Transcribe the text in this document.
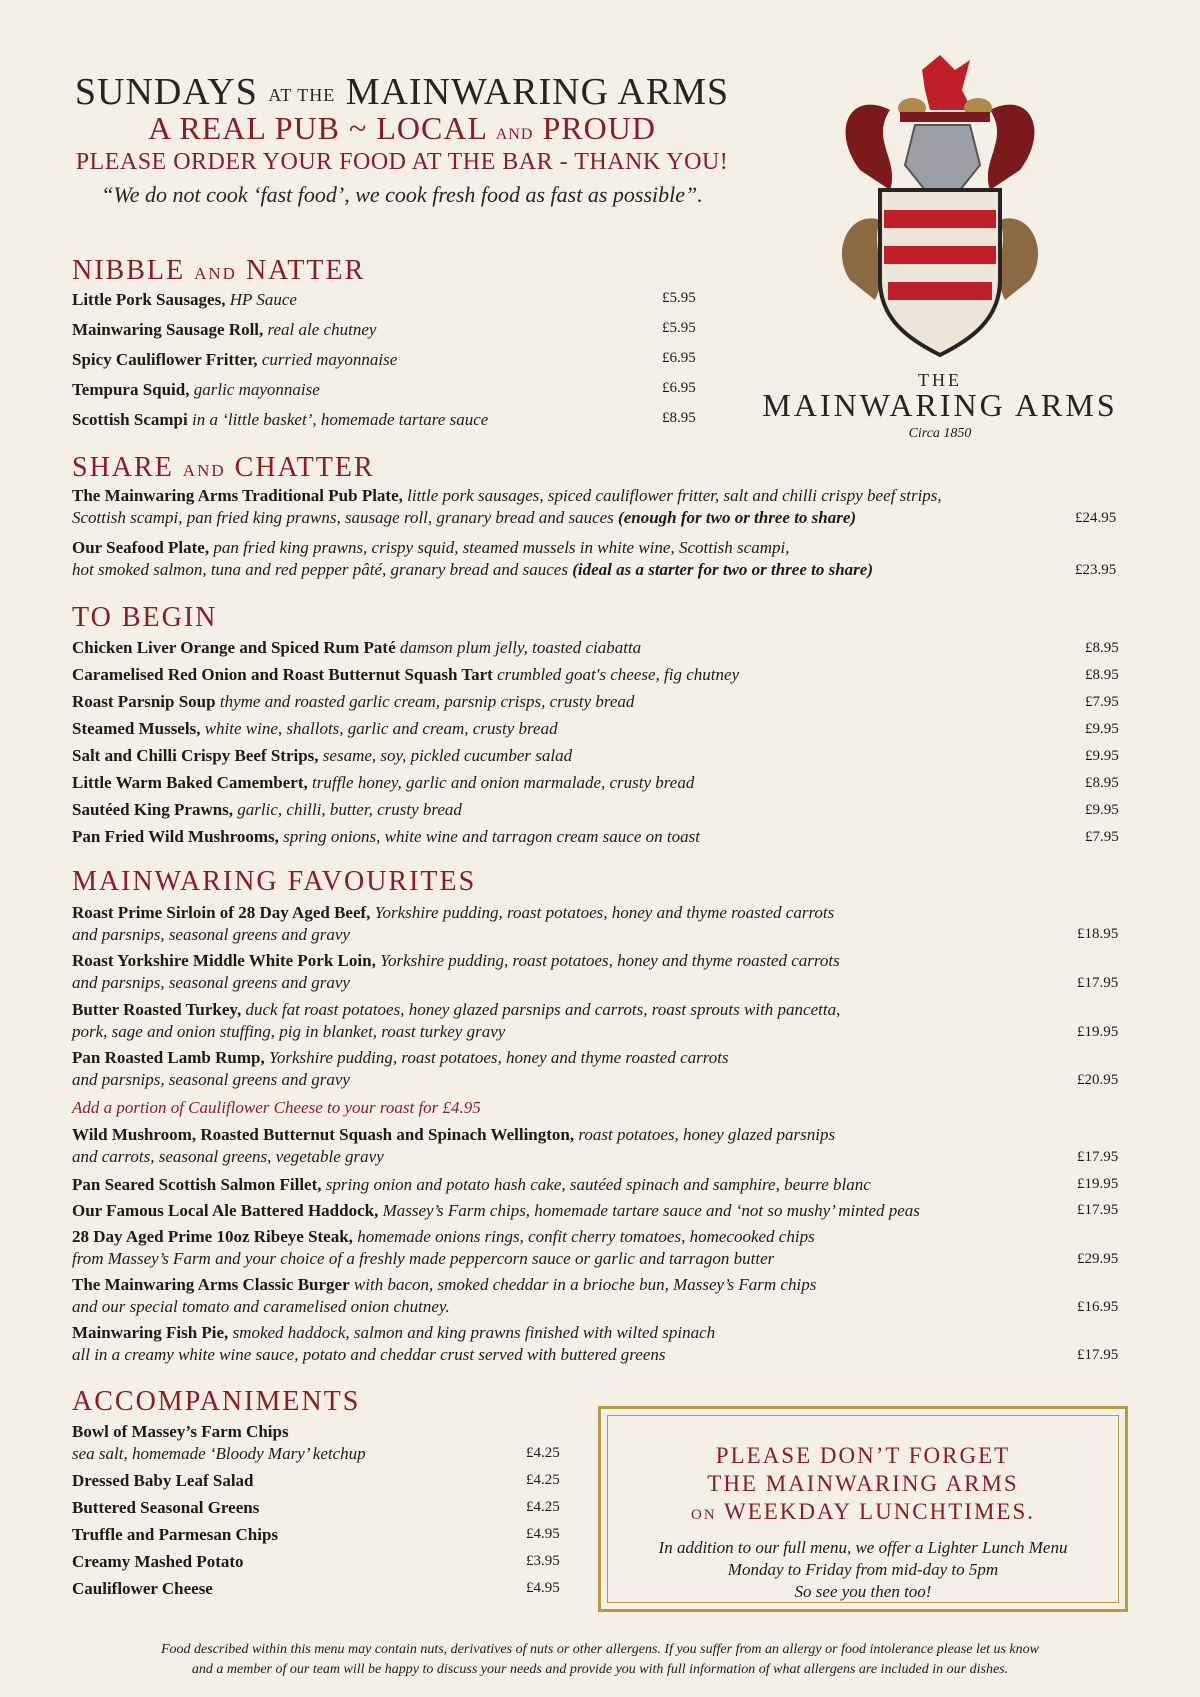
SUNDAYS AT THE MAINWARING ARMS
A REAL PUB ~ LOCAL AND PROUD
PLEASE ORDER YOUR FOOD AT THE BAR - THANK YOU!
“We do not cook ‘fast food’, we cook fresh food as fast as possible”.
THE
MAINWARING ARMS
Circa 1850
NIBBLE AND NATTER
Little Pork Sausages, HP Sauce	£5.95
Mainwaring Sausage Roll, real ale chutney	£5.95
Spicy Cauliflower Fritter, curried mayonnaise	£6.95
Tempura Squid, garlic mayonnaise	£6.95
Scottish Scampi in a ‘little basket’, homemade tartare sauce	£8.95
SHARE AND CHATTER
The Mainwaring Arms Traditional Pub Plate, little pork sausages, spiced cauliflower fritter, salt and chilli crispy beef strips,
Scottish scampi, pan fried king prawns, sausage roll, granary bread and sauces (enough for two or three to share)	£24.95
Our Seafood Plate, pan fried king prawns, crispy squid, steamed mussels in white wine, Scottish scampi,
hot smoked salmon, tuna and red pepper pâté, granary bread and sauces (ideal as a starter for two or three to share)	£23.95
TO BEGIN
Chicken Liver Orange and Spiced Rum Paté damson plum jelly, toasted ciabatta	£8.95
Caramelised Red Onion and Roast Butternut Squash Tart crumbled goat's cheese, fig chutney	£8.95
Roast Parsnip Soup thyme and roasted garlic cream, parsnip crisps, crusty bread	£7.95
Steamed Mussels, white wine, shallots, garlic and cream, crusty bread	£9.95
Salt and Chilli Crispy Beef Strips, sesame, soy, pickled cucumber salad	£9.95
Little Warm Baked Camembert, truffle honey, garlic and onion marmalade, crusty bread	£8.95
Sautéed King Prawns, garlic, chilli, butter, crusty bread	£9.95
Pan Fried Wild Mushrooms, spring onions, white wine and tarragon cream sauce on toast	£7.95
MAINWARING FAVOURITES
Roast Prime Sirloin of 28 Day Aged Beef, Yorkshire pudding, roast potatoes, honey and thyme roasted carrots
and parsnips, seasonal greens and gravy	£18.95
Roast Yorkshire Middle White Pork Loin, Yorkshire pudding, roast potatoes, honey and thyme roasted carrots
and parsnips, seasonal greens and gravy	£17.95
Butter Roasted Turkey, duck fat roast potatoes, honey glazed parsnips and carrots, roast sprouts with pancetta,
pork, sage and onion stuffing, pig in blanket, roast turkey gravy	£19.95
Pan Roasted Lamb Rump, Yorkshire pudding, roast potatoes, honey and thyme roasted carrots
and parsnips, seasonal greens and gravy	£20.95
Add a portion of Cauliflower Cheese to your roast for £4.95
Wild Mushroom, Roasted Butternut Squash and Spinach Wellington, roast potatoes, honey glazed parsnips
and carrots, seasonal greens, vegetable gravy	£17.95
Pan Seared Scottish Salmon Fillet, spring onion and potato hash cake, sautéed spinach and samphire, beurre blanc	£19.95
Our Famous Local Ale Battered Haddock, Massey’s Farm chips, homemade tartare sauce and ‘not so mushy’ minted peas	£17.95
28 Day Aged Prime 10oz Ribeye Steak, homemade onions rings, confit cherry tomatoes, homecooked chips
from Massey’s Farm and your choice of a freshly made peppercorn sauce or garlic and tarragon butter	£29.95
The Mainwaring Arms Classic Burger with bacon, smoked cheddar in a brioche bun, Massey’s Farm chips
and our special tomato and caramelised onion chutney.	£16.95
Mainwaring Fish Pie, smoked haddock, salmon and king prawns finished with wilted spinach
all in a creamy white wine sauce, potato and cheddar crust served with buttered greens	£17.95
ACCOMPANIMENTS
Bowl of Massey’s Farm Chips
sea salt, homemade ‘Bloody Mary’ ketchup	£4.25
Dressed Baby Leaf Salad	£4.25
Buttered Seasonal Greens	£4.25
Truffle and Parmesan Chips	£4.95
Creamy Mashed Potato	£3.95
Cauliflower Cheese	£4.95
PLEASE DON’T FORGET
THE MAINWARING ARMS
ON WEEKDAY LUNCHTIMES.
In addition to our full menu, we offer a Lighter Lunch Menu
Monday to Friday from mid-day to 5pm
So see you then too!
Food described within this menu may contain nuts, derivatives of nuts or other allergens. If you suffer from an allergy or food intolerance please let us know
and a member of our team will be happy to discuss your needs and provide you with full information of what allergens are included in our dishes.
